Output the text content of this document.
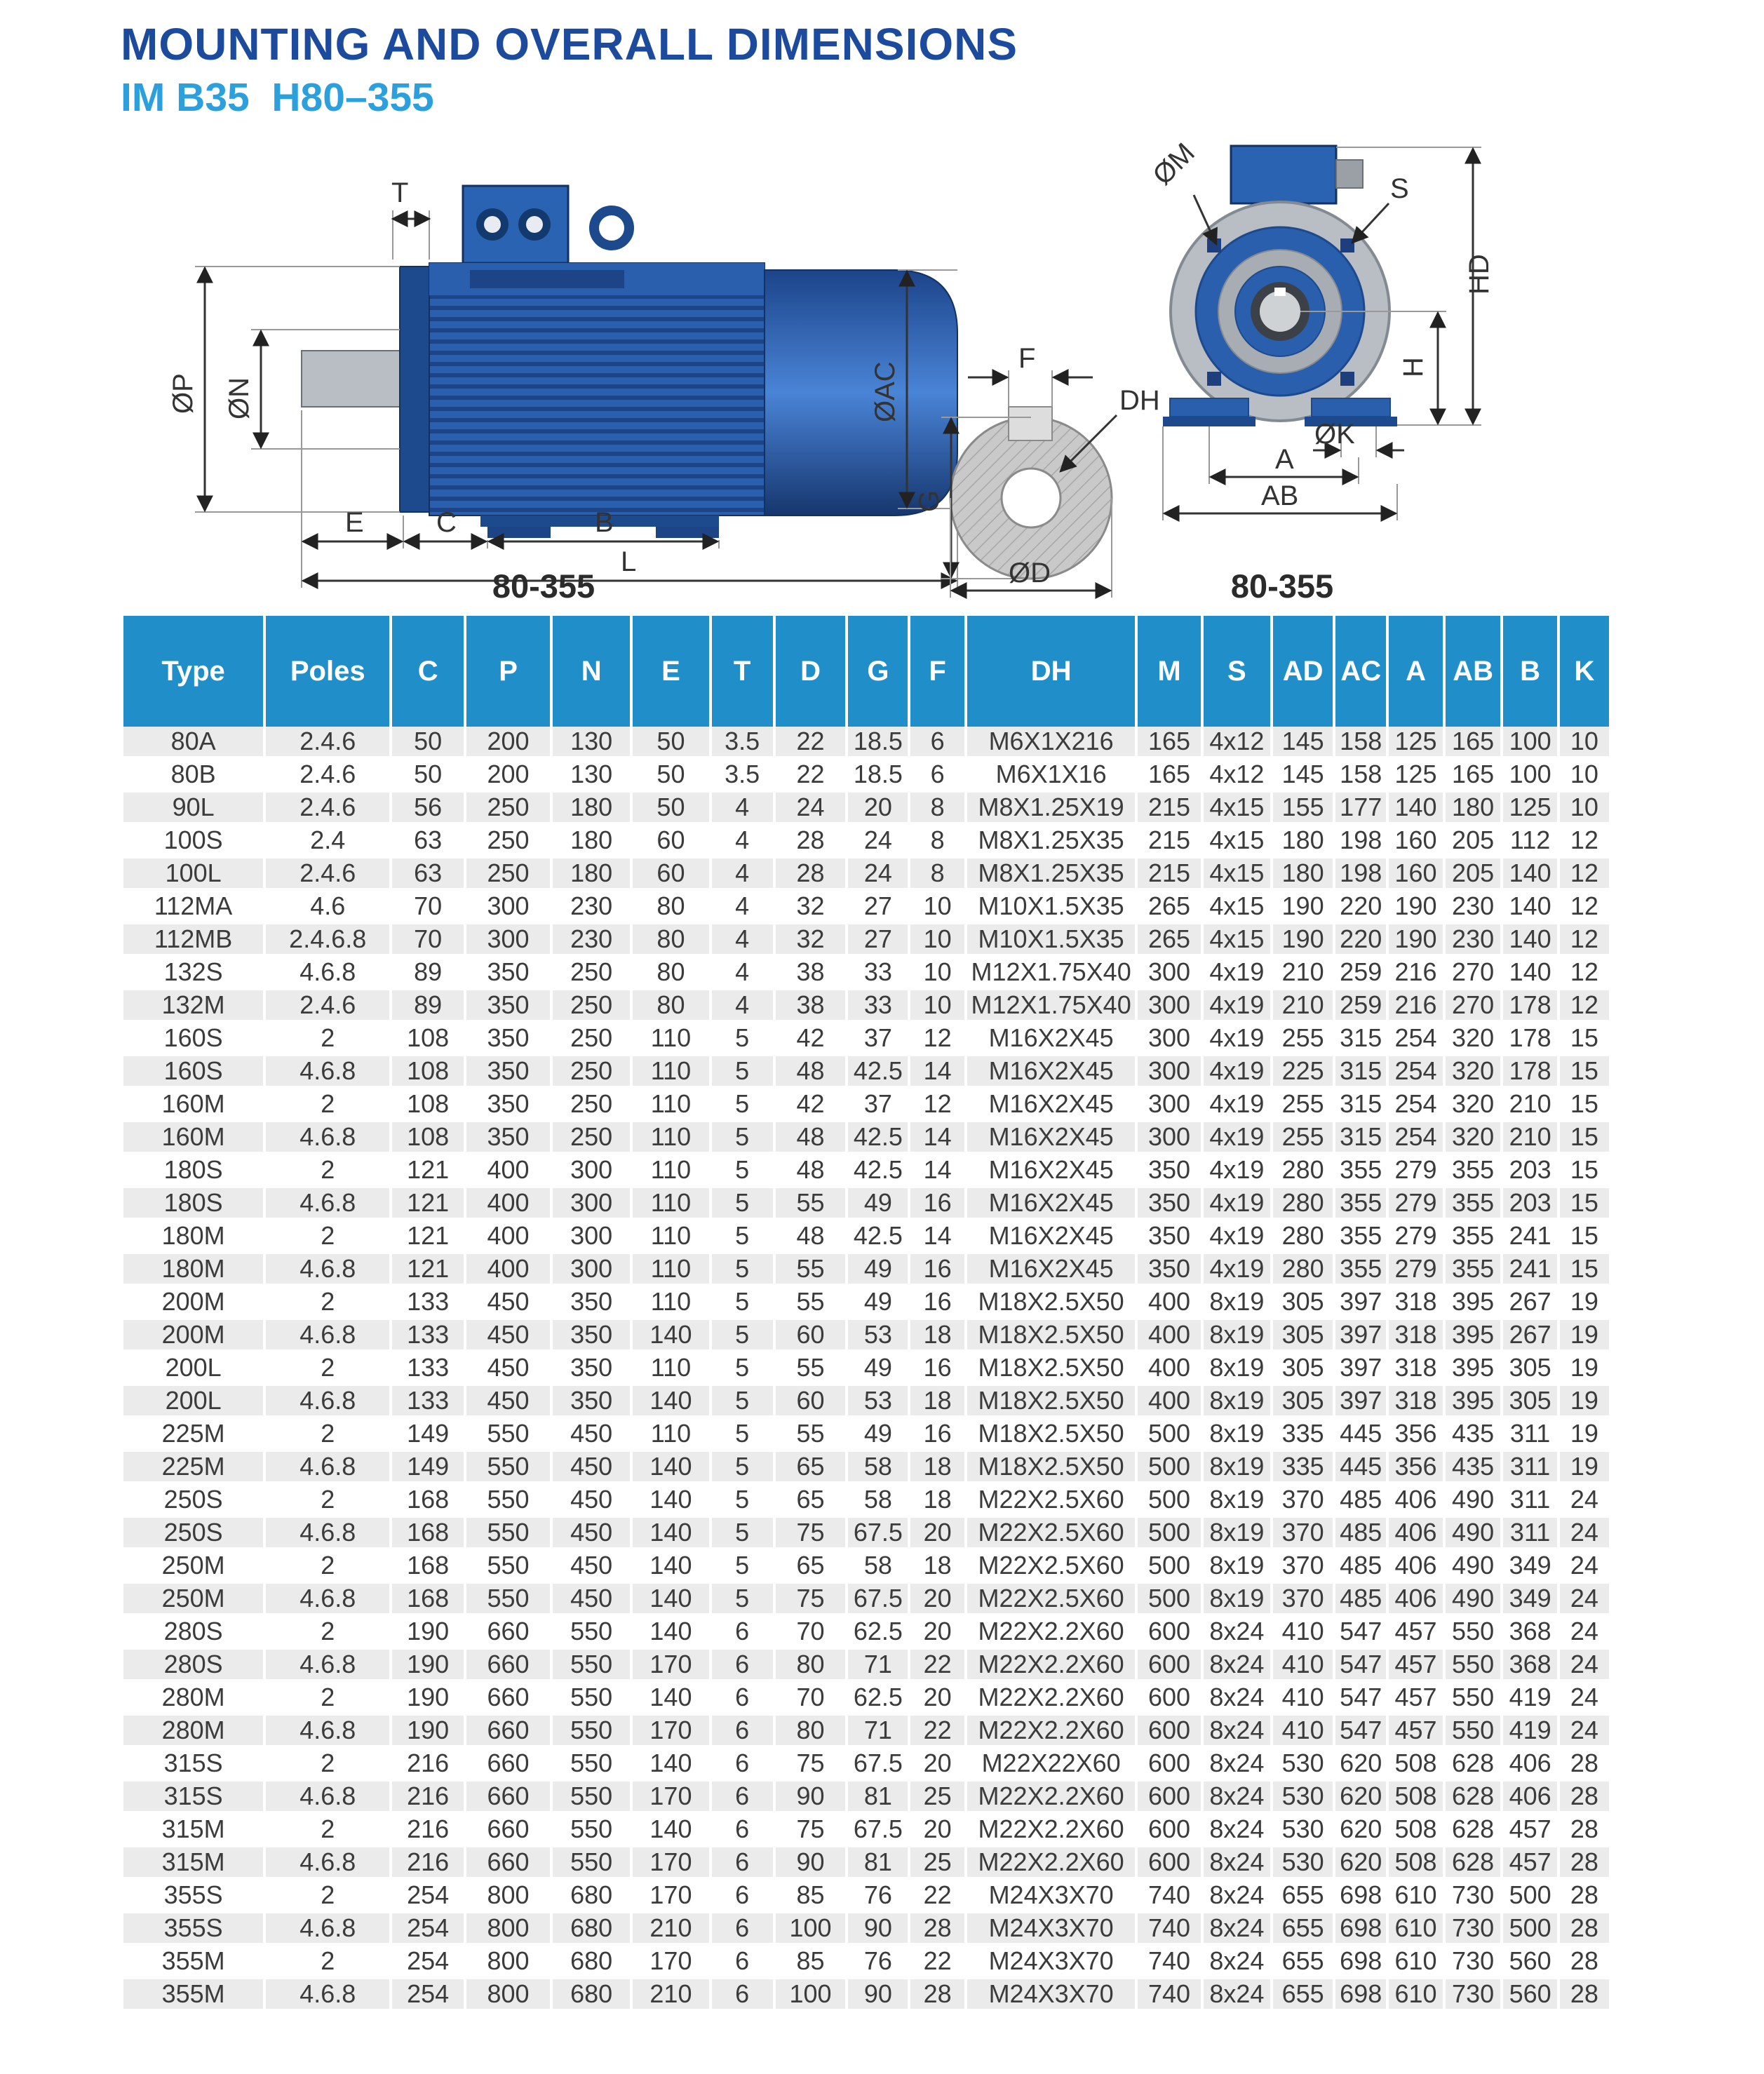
MOUNTING AND OVERALL DIMENSIONS
IM B35  H80–355
T
ØP ØN	ØAC
E	C	B
L
F
DH
G
ØD
ØM	S
HD
H
ØK
A
AB
80-355	80-355
Type	Poles	C	P	N	E	T	D	G	F	DH	M	S	AD	AC	A	AB	B	K
80A	2.4.6	50	200	130	50	3.5	22	18.5	6	M6X1X216	165	4x12	145	158	125	165	100	10
80B	2.4.6	50	200	130	50	3.5	22	18.5	6	M6X1X16	165	4x12	145	158	125	165	100	10
90L	2.4.6	56	250	180	50	4	24	20	8	M8X1.25X19	215	4x15	155	177	140	180	125	10
100S	2.4	63	250	180	60	4	28	24	8	M8X1.25X35	215	4x15	180	198	160	205	112	12
100L	2.4.6	63	250	180	60	4	28	24	8	M8X1.25X35	215	4x15	180	198	160	205	140	12
112MA	4.6	70	300	230	80	4	32	27	10	M10X1.5X35	265	4x15	190	220	190	230	140	12
112MB	2.4.6.8	70	300	230	80	4	32	27	10	M10X1.5X35	265	4x15	190	220	190	230	140	12
132S	4.6.8	89	350	250	80	4	38	33	10	M12X1.75X40	300	4x19	210	259	216	270	140	12
132M	2.4.6	89	350	250	80	4	38	33	10	M12X1.75X40	300	4x19	210	259	216	270	178	12
160S	2	108	350	250	110	5	42	37	12	M16X2X45	300	4x19	255	315	254	320	178	15
160S	4.6.8	108	350	250	110	5	48	42.5	14	M16X2X45	300	4x19	225	315	254	320	178	15
160M	2	108	350	250	110	5	42	37	12	M16X2X45	300	4x19	255	315	254	320	210	15
160M	4.6.8	108	350	250	110	5	48	42.5	14	M16X2X45	300	4x19	255	315	254	320	210	15
180S	2	121	400	300	110	5	48	42.5	14	M16X2X45	350	4x19	280	355	279	355	203	15
180S	4.6.8	121	400	300	110	5	55	49	16	M16X2X45	350	4x19	280	355	279	355	203	15
180M	2	121	400	300	110	5	48	42.5	14	M16X2X45	350	4x19	280	355	279	355	241	15
180M	4.6.8	121	400	300	110	5	55	49	16	M16X2X45	350	4x19	280	355	279	355	241	15
200M	2	133	450	350	110	5	55	49	16	M18X2.5X50	400	8x19	305	397	318	395	267	19
200M	4.6.8	133	450	350	140	5	60	53	18	M18X2.5X50	400	8x19	305	397	318	395	267	19
200L	2	133	450	350	110	5	55	49	16	M18X2.5X50	400	8x19	305	397	318	395	305	19
200L	4.6.8	133	450	350	140	5	60	53	18	M18X2.5X50	400	8x19	305	397	318	395	305	19
225M	2	149	550	450	110	5	55	49	16	M18X2.5X50	500	8x19	335	445	356	435	311	19
225M	4.6.8	149	550	450	140	5	65	58	18	M18X2.5X50	500	8x19	335	445	356	435	311	19
250S	2	168	550	450	140	5	65	58	18	M22X2.5X60	500	8x19	370	485	406	490	311	24
250S	4.6.8	168	550	450	140	5	75	67.5	20	M22X2.5X60	500	8x19	370	485	406	490	311	24
250M	2	168	550	450	140	5	65	58	18	M22X2.5X60	500	8x19	370	485	406	490	349	24
250M	4.6.8	168	550	450	140	5	75	67.5	20	M22X2.5X60	500	8x19	370	485	406	490	349	24
280S	2	190	660	550	140	6	70	62.5	20	M22X2.2X60	600	8x24	410	547	457	550	368	24
280S	4.6.8	190	660	550	170	6	80	71	22	M22X2.2X60	600	8x24	410	547	457	550	368	24
280M	2	190	660	550	140	6	70	62.5	20	M22X2.2X60	600	8x24	410	547	457	550	419	24
280M	4.6.8	190	660	550	170	6	80	71	22	M22X2.2X60	600	8x24	410	547	457	550	419	24
315S	2	216	660	550	140	6	75	67.5	20	M22X22X60	600	8x24	530	620	508	628	406	28
315S	4.6.8	216	660	550	170	6	90	81	25	M22X2.2X60	600	8x24	530	620	508	628	406	28
315M	2	216	660	550	140	6	75	67.5	20	M22X2.2X60	600	8x24	530	620	508	628	457	28
315M	4.6.8	216	660	550	170	6	90	81	25	M22X2.2X60	600	8x24	530	620	508	628	457	28
355S	2	254	800	680	170	6	85	76	22	M24X3X70	740	8x24	655	698	610	730	500	28
355S	4.6.8	254	800	680	210	6	100	90	28	M24X3X70	740	8x24	655	698	610	730	500	28
355M	2	254	800	680	170	6	85	76	22	M24X3X70	740	8x24	655	698	610	730	560	28
355M	4.6.8	254	800	680	210	6	100	90	28	M24X3X70	740	8x24	655	698	610	730	560	28
